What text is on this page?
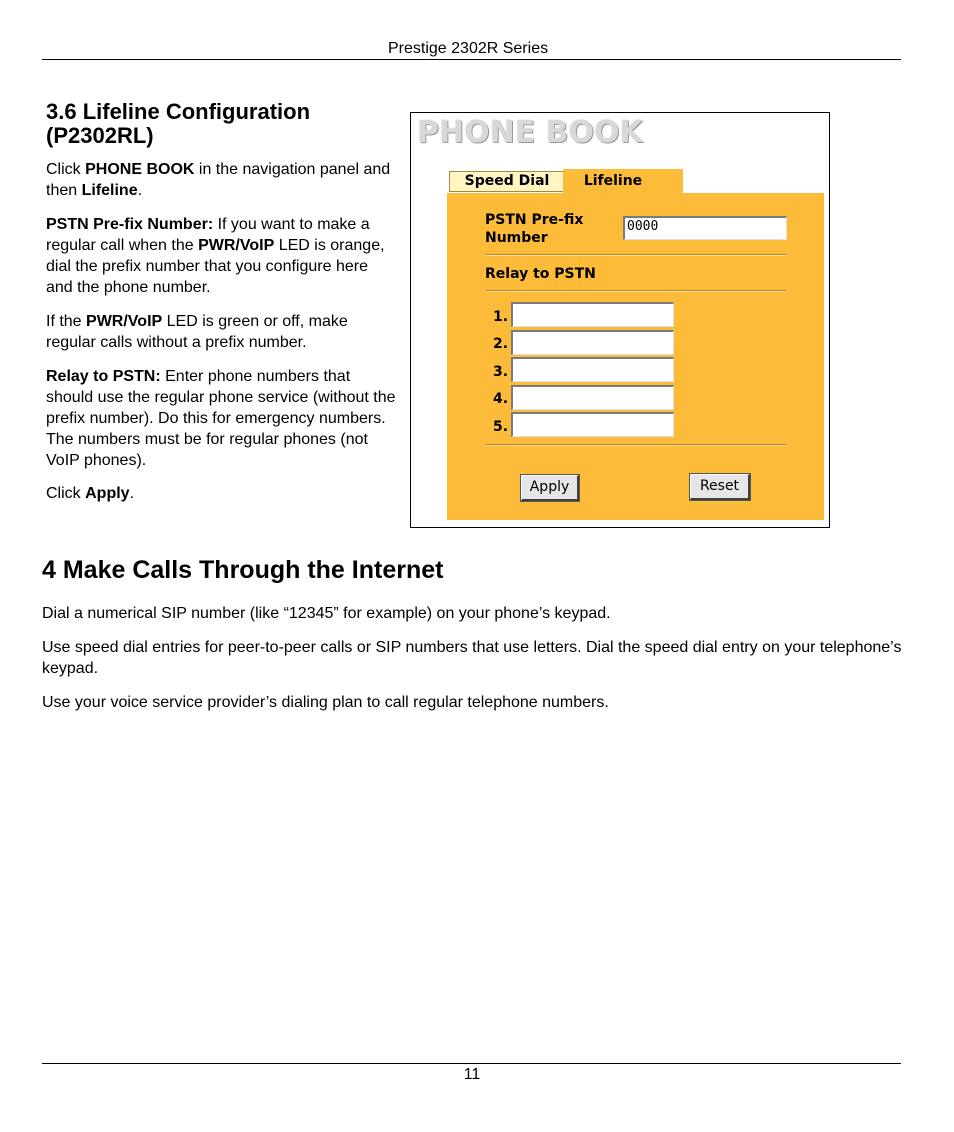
Prestige 2302R Series
3.6 Lifeline Configuration (P2302RL)
Click PHONE BOOK in the navigation panel and then Lifeline.
PSTN Pre-fix Number: If you want to make a regular call when the PWR/VoIP LED is orange, dial the prefix number that you configure here and the phone number.
If the PWR/VoIP LED is green or off, make regular calls without a prefix number.
Relay to PSTN: Enter phone numbers that should use the regular phone service (without the prefix number). Do this for emergency numbers. The numbers must be for regular phones (not VoIP phones).
Click Apply.
PHONE BOOK
PSTN Pre-fix
Number
0000
Relay to PSTN
1.
2.
3.
4.
5.
Apply	Reset
Speed Dial	Lifeline
4 Make Calls Through the Internet
Dial a numerical SIP number (like “12345” for example) on your phone’s keypad.
Use speed dial entries for peer-to-peer calls or SIP numbers that use letters. Dial the speed dial entry on your telephone’s keypad.
Use your voice service provider’s dialing plan to call regular telephone numbers.
11
